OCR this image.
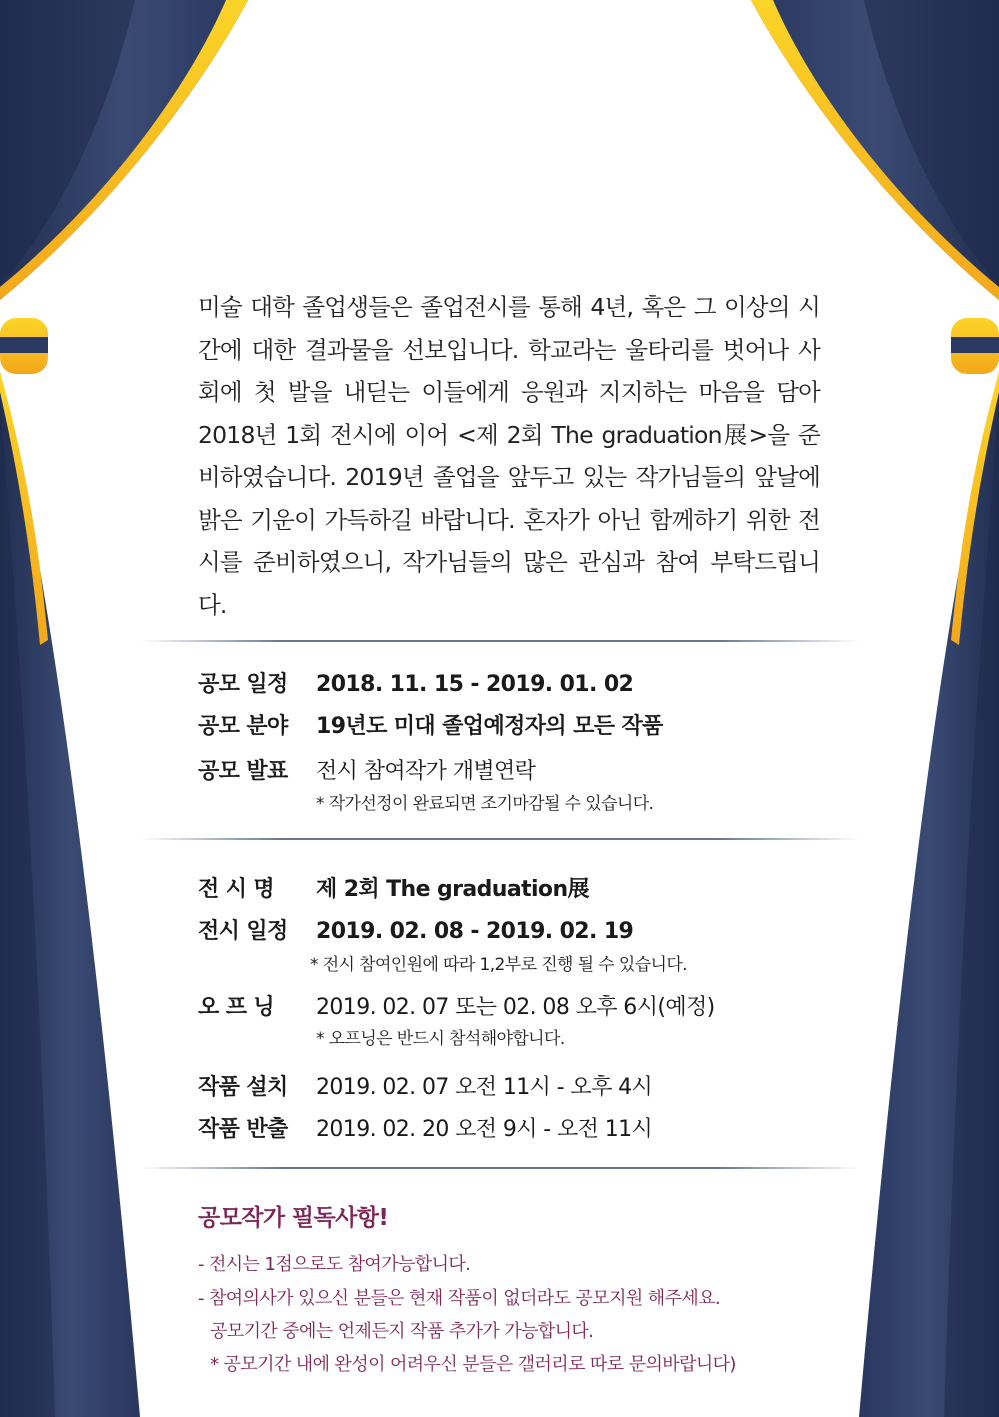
미술 대학 졸업생들은 졸업전시를 통해 4년, 혹은 그 이상의 시간에 대한 결과물을 선보입니다. 학교라는 울타리를 벗어나 사회에 첫 발을 내딛는 이들에게 응원과 지지하는 마음을 담아 2018년 1회 전시에 이어 <제 2회 The graduation展>을 준비하였습니다. 2019년 졸업을 앞두고 있는 작가님들의 앞날에 밝은 기운이 가득하길 바랍니다. 혼자가 아닌 함께하기 위한 전시를 준비하였으니, 작가님들의 많은 관심과 참여 부탁드립니다.
공모 일정 2018. 11. 15 - 2019. 01. 02
공모 분야 19년도 미대 졸업예정자의 모든 작품
공모 발표 전시 참여작가 개별연락
* 작가선정이 완료되면 조기마감될 수 있습니다.
전 시 명 제 2회 The graduation展
전시 일정 2019. 02. 08 - 2019. 02. 19
* 전시 참여인원에 따라 1,2부로 진행 될 수 있습니다.
오 프 닝 2019. 02. 07 또는 02. 08 오후 6시(예정)
* 오프닝은 반드시 참석해야합니다.
작품 설치 2019. 02. 07 오전 11시 - 오후 4시
작품 반출 2019. 02. 20 오전 9시 - 오전 11시
공모작가 필독사항!
- 전시는 1점으로도 참여가능합니다.
- 참여의사가 있으신 분들은 현재 작품이 없더라도 공모지원 해주세요.
공모기간 중에는 언제든지 작품 추가가 가능합니다.
* 공모기간 내에 완성이 어려우신 분들은 갤러리로 따로 문의바랍니다)
